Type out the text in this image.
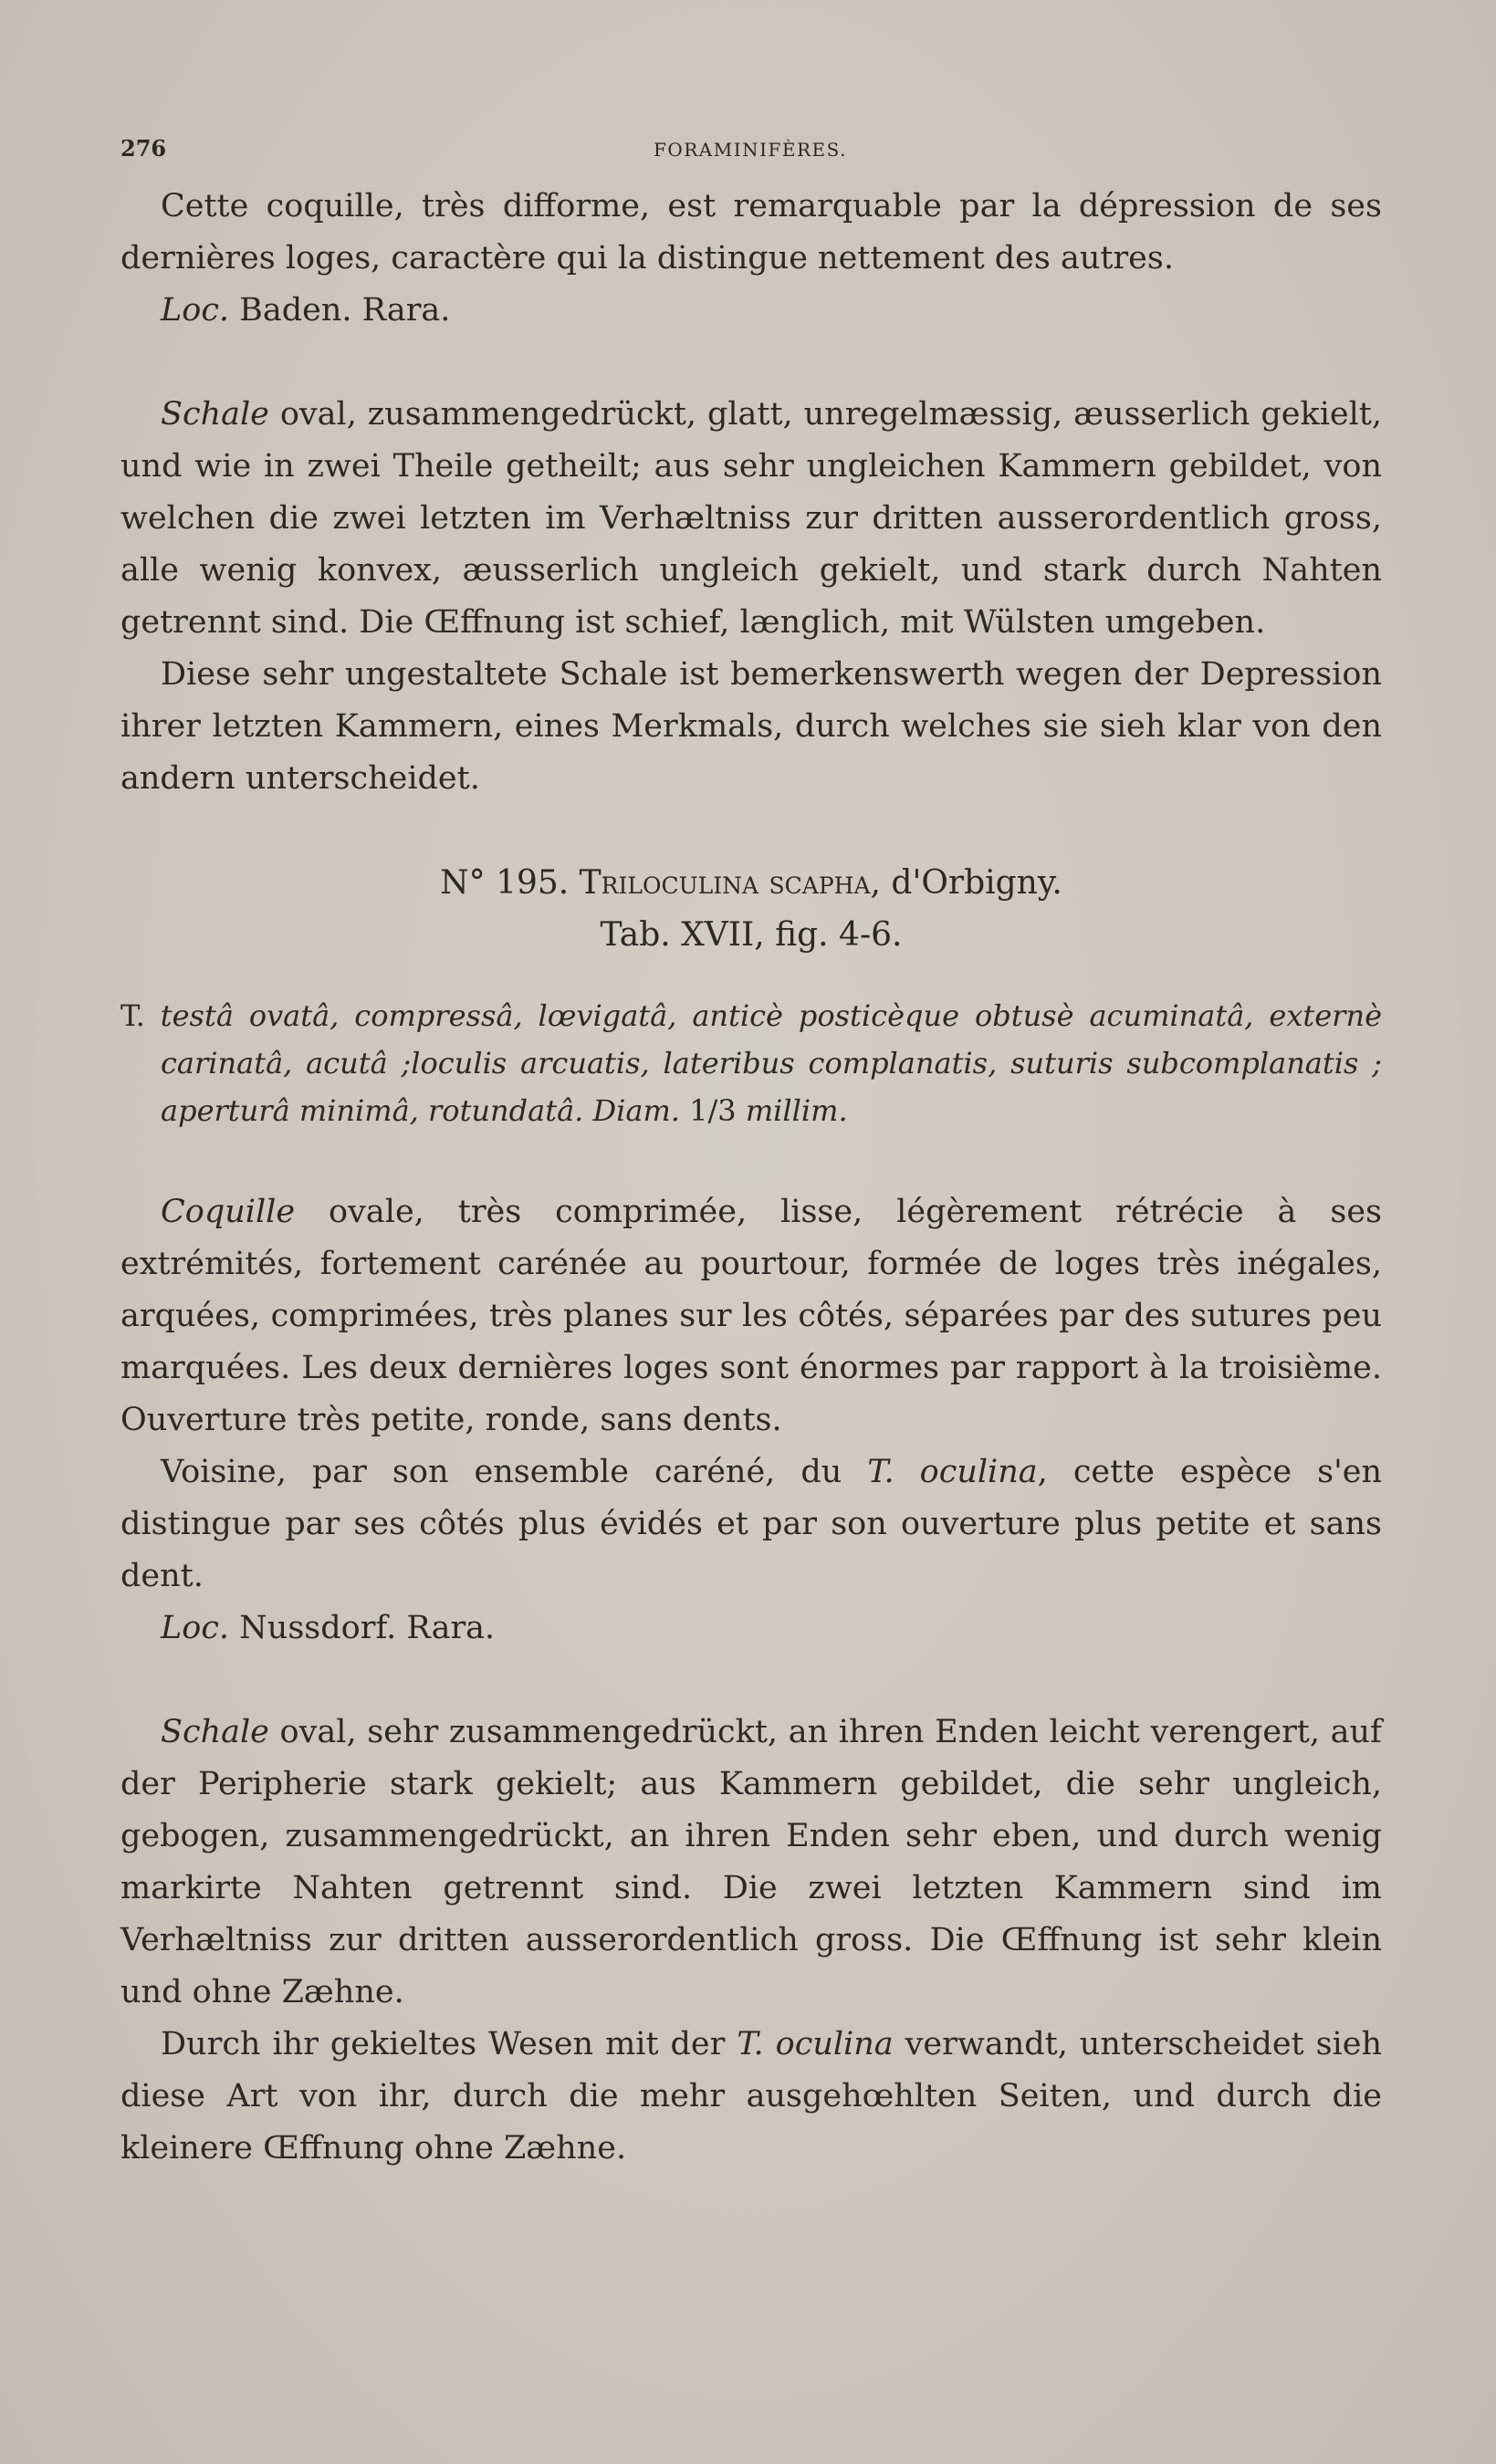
276	FORAMINIFÈRES.

Cette coquille, très difforme, est remarquable par la dépression de ses dernières loges, caractère qui la distingue nettement des autres.

Loc. Baden. Rara.

Schale oval, zusammengedrückt, glatt, unregelmæssig, æusserlich gekielt, und wie in zwei Theile getheilt; aus sehr ungleichen Kammern gebildet, von welchen die zwei letzten im Verhæltniss zur dritten ausserordentlich gross, alle wenig konvex, æusserlich ungleich gekielt, und stark durch Nahten getrennt sind. Die Œffnung ist schief, længlich, mit Wülsten umgeben.

Diese sehr ungestaltete Schale ist bemerkenswerth wegen der Depression ihrer letzten Kammern, eines Merkmals, durch welches sie sieh klar von den andern unterscheidet.

N° 195. Triloculina scapha, d'Orbigny.

Tab. XVII, fig. 4-6.

T. testâ ovatâ, compressâ, lœvigatâ, anticè posticèque obtusè acuminatâ, externè carinatâ, acutâ ;loculis arcuatis, lateribus complanatis, suturis subcomplanatis ; aperturâ minimâ, rotundatâ. Diam. 1/3 millim.

Coquille ovale, très comprimée, lisse, légèrement rétrécie à ses extrémités, fortement carénée au pourtour, formée de loges très inégales, arquées, comprimées, très planes sur les côtés, séparées par des sutures peu marquées. Les deux dernières loges sont énormes par rapport à la troisième. Ouverture très petite, ronde, sans dents.

Voisine, par son ensemble caréné, du T. oculina, cette espèce s'en distingue par ses côtés plus évidés et par son ouverture plus petite et sans dent.

Loc. Nussdorf. Rara.

Schale oval, sehr zusammengedrückt, an ihren Enden leicht verengert, auf der Peripherie stark gekielt; aus Kammern gebildet, die sehr ungleich, gebogen, zusammengedrückt, an ihren Enden sehr eben, und durch wenig markirte Nahten getrennt sind. Die zwei letzten Kammern sind im Verhæltniss zur dritten ausserordentlich gross. Die Œffnung ist sehr klein und ohne Zæhne.

Durch ihr gekieltes Wesen mit der T. oculina verwandt, unterscheidet sieh diese Art von ihr, durch die mehr ausgehœhlten Seiten, und durch die kleinere Œffnung ohne Zæhne.
